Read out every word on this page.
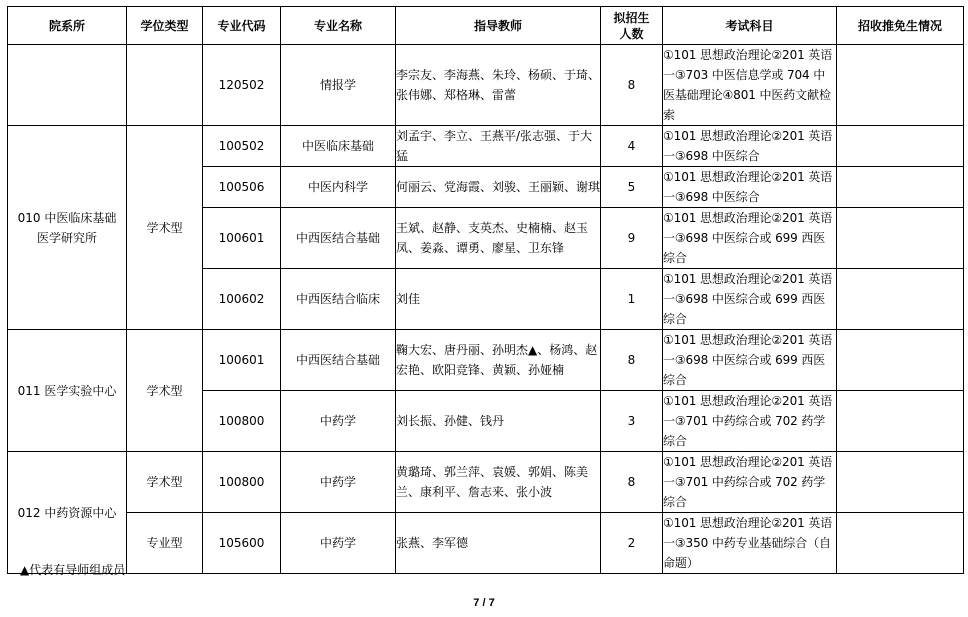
院系所	学位类型	专业代码	专业名称	指导教师	拟招生人数	考试科目	招收推免生情况
		120502	情报学	李宗友、李海燕、朱玲、杨硕、于琦、张伟娜、郑格琳、雷蕾	8	①101 思想政治理论②201 英语一③703 中医信息学或 704 中医基础理论④801 中医药文献检索	
010 中医临床基础医学研究所	学术型	100502	中医临床基础	刘孟宇、李立、王燕平/张志强、于大猛	4	①101 思想政治理论②201 英语一③698 中医综合	
		100506	中医内科学	何丽云、党海霞、刘骏、王丽颖、谢琪	5	①101 思想政治理论②201 英语一③698 中医综合	
		100601	中西医结合基础	王斌、赵静、支英杰、史楠楠、赵玉凤、姜淼、谭勇、廖星、卫东锋	9	①101 思想政治理论②201 英语一③698 中医综合或 699 西医综合	
		100602	中西医结合临床	刘佳	1	①101 思想政治理论②201 英语一③698 中医综合或 699 西医综合	
011 医学实验中心	学术型	100601	中西医结合基础	鞠大宏、唐丹丽、孙明杰▲、杨鸿、赵宏艳、欧阳竞锋、黄颖、孙娅楠	8	①101 思想政治理论②201 英语一③698 中医综合或 699 西医综合	
		100800	中药学	刘长振、孙健、钱丹	3	①101 思想政治理论②201 英语一③701 中药综合或 702 药学综合	
012 中药资源中心	学术型	100800	中药学	黄璐琦、郭兰萍、袁媛、郭娟、陈美兰、康利平、詹志来、张小波	8	①101 思想政治理论②201 英语一③701 中药综合或 702 药学综合	
	专业型	105600	中药学	张燕、李军德	2	①101 思想政治理论②201 英语一③350 中药专业基础综合（自命题）	
▲代表有导师组成员
7 / 7
